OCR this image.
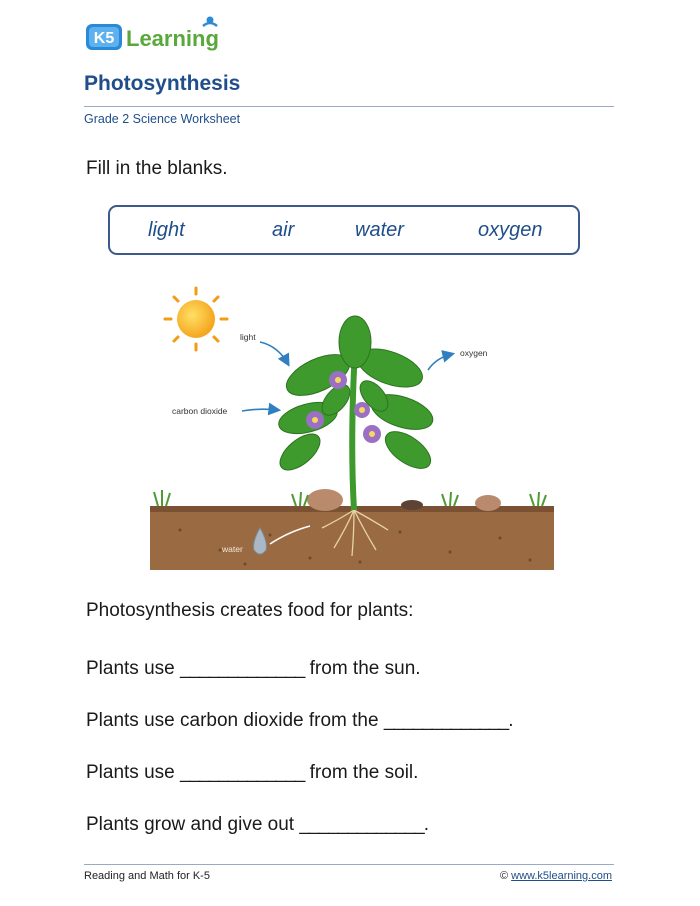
K5 Learning
Photosynthesis
Grade 2 Science Worksheet
Fill in the blanks.
light	air	water	oxygen
light
carbon dioxide
oxygen
water
Photosynthesis creates food for plants:
Plants use _____________ from the sun.
Plants use carbon dioxide from the _____________.
Plants use _____________ from the soil.
Plants grow and give out _____________.
Reading and Math for K-5	© www.k5learning.com
